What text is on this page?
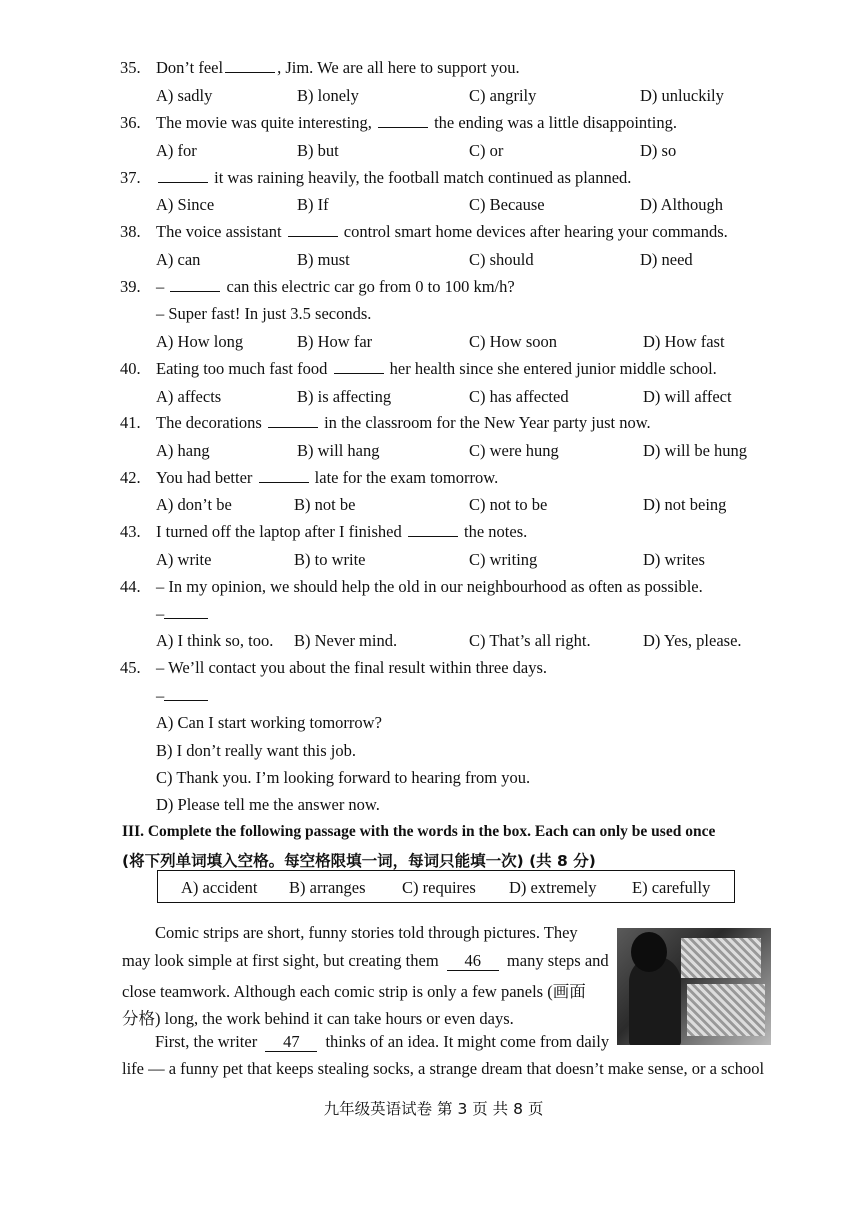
35. Don’t feel	, Jim. We are all here to support you.
A) sadly	B) lonely	C) angrily	D) unluckily
36. The movie was quite interesting,	the ending was a little disappointing.
A) for	B) but	C) or	D) so
37.	it was raining heavily, the football match continued as planned.
A) Since	B) If	C) Because	D) Although
38. The voice assistant	control smart home devices after hearing your commands.
A) can	B) must	C) should	D) need
39. –	can this electric car go from 0 to 100 km/h?
– Super fast! In just 3.5 seconds.
A) How long	B) How far	C) How soon	D) How fast
40. Eating too much fast food	her health since she entered junior middle school.
A) affects	B) is affecting	C) has affected	D) will affect
41. The decorations	in the classroom for the New Year party just now.
A) hang	B) will hang	C) were hung	D) will be hung
42. You had better	late for the exam tomorrow.
A) don’t be	B) not be	C) not to be	D) not being
43. I turned off the laptop after I finished	the notes.
A) write	B) to write	C) writing	D) writes
44. – In my opinion, we should help the old in our neighbourhood as often as possible.
–
A) I think so, too. B) Never mind.	C) That’s all right.	D) Yes, please.
45. – We’ll contact you about the final result within three days.
–
A) Can I start working tomorrow?
B) I don’t really want this job.
C) Thank you. I’m looking forward to hearing from you.
D) Please tell me the answer now.
III. Complete the following passage with the words in the box. Each can only be used once
(将下列单词填入空格。每空格限填一词，每词只能填一次) (共 8 分)
A) accident B) arranges C) requires D) extremely E) carefully
Comic strips are short, funny stories told through pictures. They
may look simple at first sight, but creating them 46 many steps and
close teamwork. Although each comic strip is only a few panels (画面
分格) long, the work behind it can take hours or even days.
First, the writer 47 thinks of an idea. It might come from daily
life — a funny pet that keeps stealing socks, a strange dream that doesn’t make sense, or a school
九年级英语试卷 第 3 页 共 8 页
